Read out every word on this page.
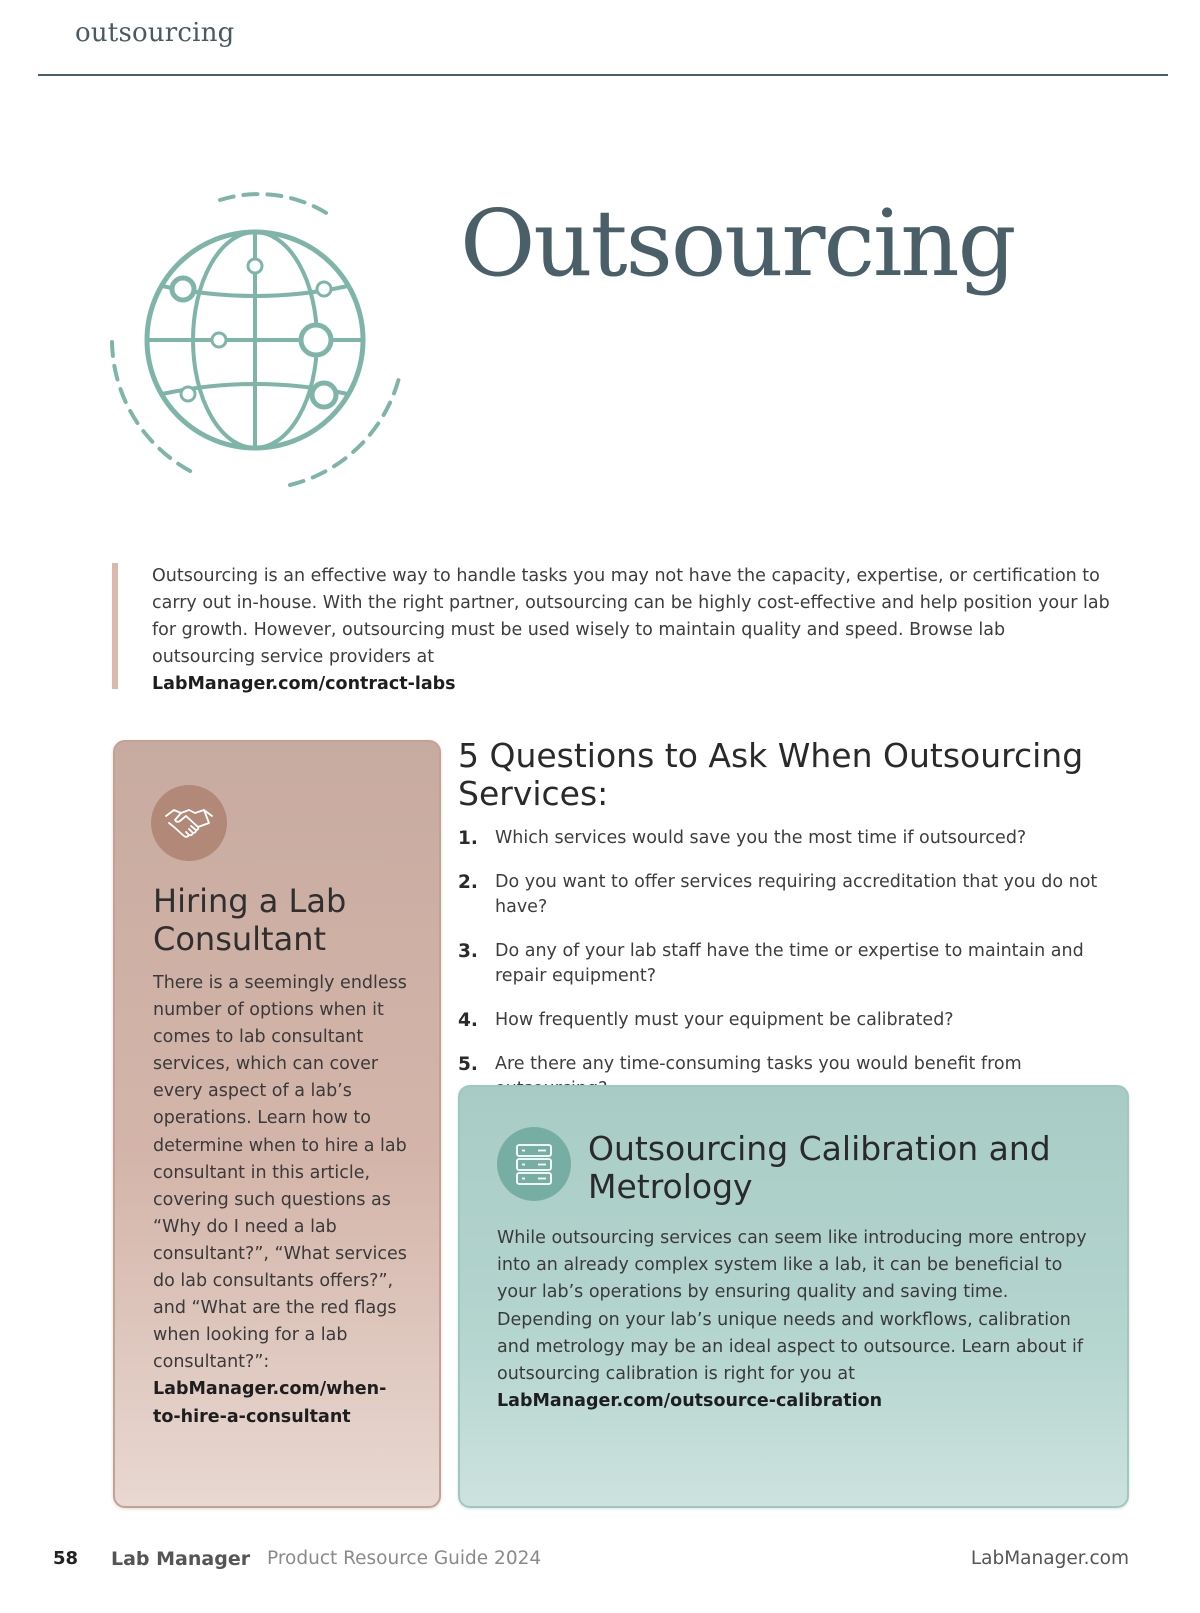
outsourcing
Outsourcing
Outsourcing is an effective way to handle tasks you may not have the capacity, expertise, or certification to carry out in-house. With the right partner, outsourcing can be highly cost-effective and help position your lab for growth. However, outsourcing must be used wisely to maintain quality and speed. Browse lab outsourcing service providers at
LabManager.com/contract-labs
Hiring a Lab Consultant
There is a seemingly endless number of options when it comes to lab consultant services, which can cover every aspect of a lab’s operations. Learn how to determine when to hire a lab consultant in this article, covering such questions as “Why do I need a lab consultant?”, “What services do lab consultants offers?”, and “What are the red flags when looking for a lab consultant?”:
LabManager.com/when-to-hire-a-consultant
5 Questions to Ask When Outsourcing Services:
1. Which services would save you the most time if outsourced?
2. Do you want to offer services requiring accreditation that you do not have?
3. Do any of your lab staff have the time or expertise to maintain and repair equipment?
4. How frequently must your equipment be calibrated?
5. Are there any time-consuming tasks you would benefit from
Outsourcing Calibration and Metrology
While outsourcing services can seem like introducing more entropy into an already complex system like a lab, it can be beneficial to your lab’s operations by ensuring quality and saving time. Depending on your lab’s unique needs and workflows, calibration and metrology may be an ideal aspect to outsource. Learn about if outsourcing calibration is right for you at LabManager.com/outsource-calibration
58 Lab Manager Product Resource Guide 2024	LabManager.com
